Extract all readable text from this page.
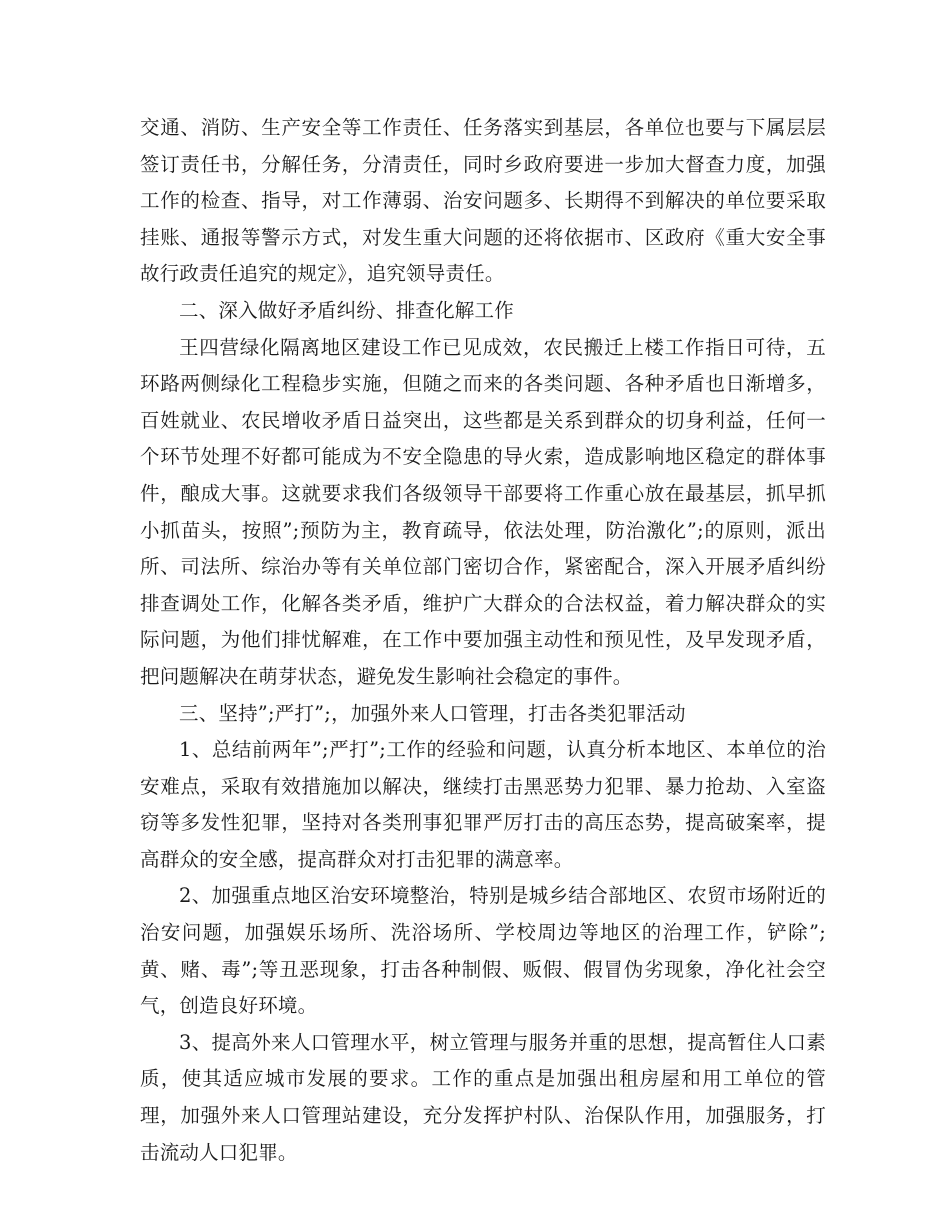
交通、消防、生产安全等工作责任、任务落实到基层，各单位也要与下属层层签订责任书，分解任务，分清责任，同时乡政府要进一步加大督查力度，加强工作的检查、指导，对工作薄弱、治安问题多、长期得不到解决的单位要采取挂账、通报等警示方式，对发生重大问题的还将依据市、区政府《重大安全事故行政责任追究的规定》，追究领导责任。

二、深入做好矛盾纠纷、排查化解工作

王四营绿化隔离地区建设工作已见成效，农民搬迁上楼工作指日可待，五环路两侧绿化工程稳步实施，但随之而来的各类问题、各种矛盾也日渐增多，百姓就业、农民增收矛盾日益突出，这些都是关系到群众的切身利益，任何一个环节处理不好都可能成为不安全隐患的导火索，造成影响地区稳定的群体事件，酿成大事。这就要求我们各级领导干部要将工作重心放在最基层，抓早抓小抓苗头，按照”;预防为主，教育疏导，依法处理，防治激化”;的原则，派出所、司法所、综治办等有关单位部门密切合作，紧密配合，深入开展矛盾纠纷排查调处工作，化解各类矛盾，维护广大群众的合法权益，着力解决群众的实际问题，为他们排忧解难，在工作中要加强主动性和预见性，及早发现矛盾，把问题解决在萌芽状态，避免发生影响社会稳定的事件。

三、坚持”;严打”;，加强外来人口管理，打击各类犯罪活动

1、总结前两年”;严打”;工作的经验和问题，认真分析本地区、本单位的治安难点，采取有效措施加以解决，继续打击黑恶势力犯罪、暴力抢劫、入室盗窃等多发性犯罪，坚持对各类刑事犯罪严厉打击的高压态势，提高破案率，提高群众的安全感，提高群众对打击犯罪的满意率。

2、加强重点地区治安环境整治，特别是城乡结合部地区、农贸市场附近的治安问题，加强娱乐场所、洗浴场所、学校周边等地区的治理工作，铲除”;黄、赌、毒”;等丑恶现象，打击各种制假、贩假、假冒伪劣现象，净化社会空气，创造良好环境。

3、提高外来人口管理水平，树立管理与服务并重的思想，提高暂住人口素质，使其适应城市发展的要求。工作的重点是加强出租房屋和用工单位的管理，加强外来人口管理站建设，充分发挥护村队、治保队作用，加强服务，打击流动人口犯罪。
